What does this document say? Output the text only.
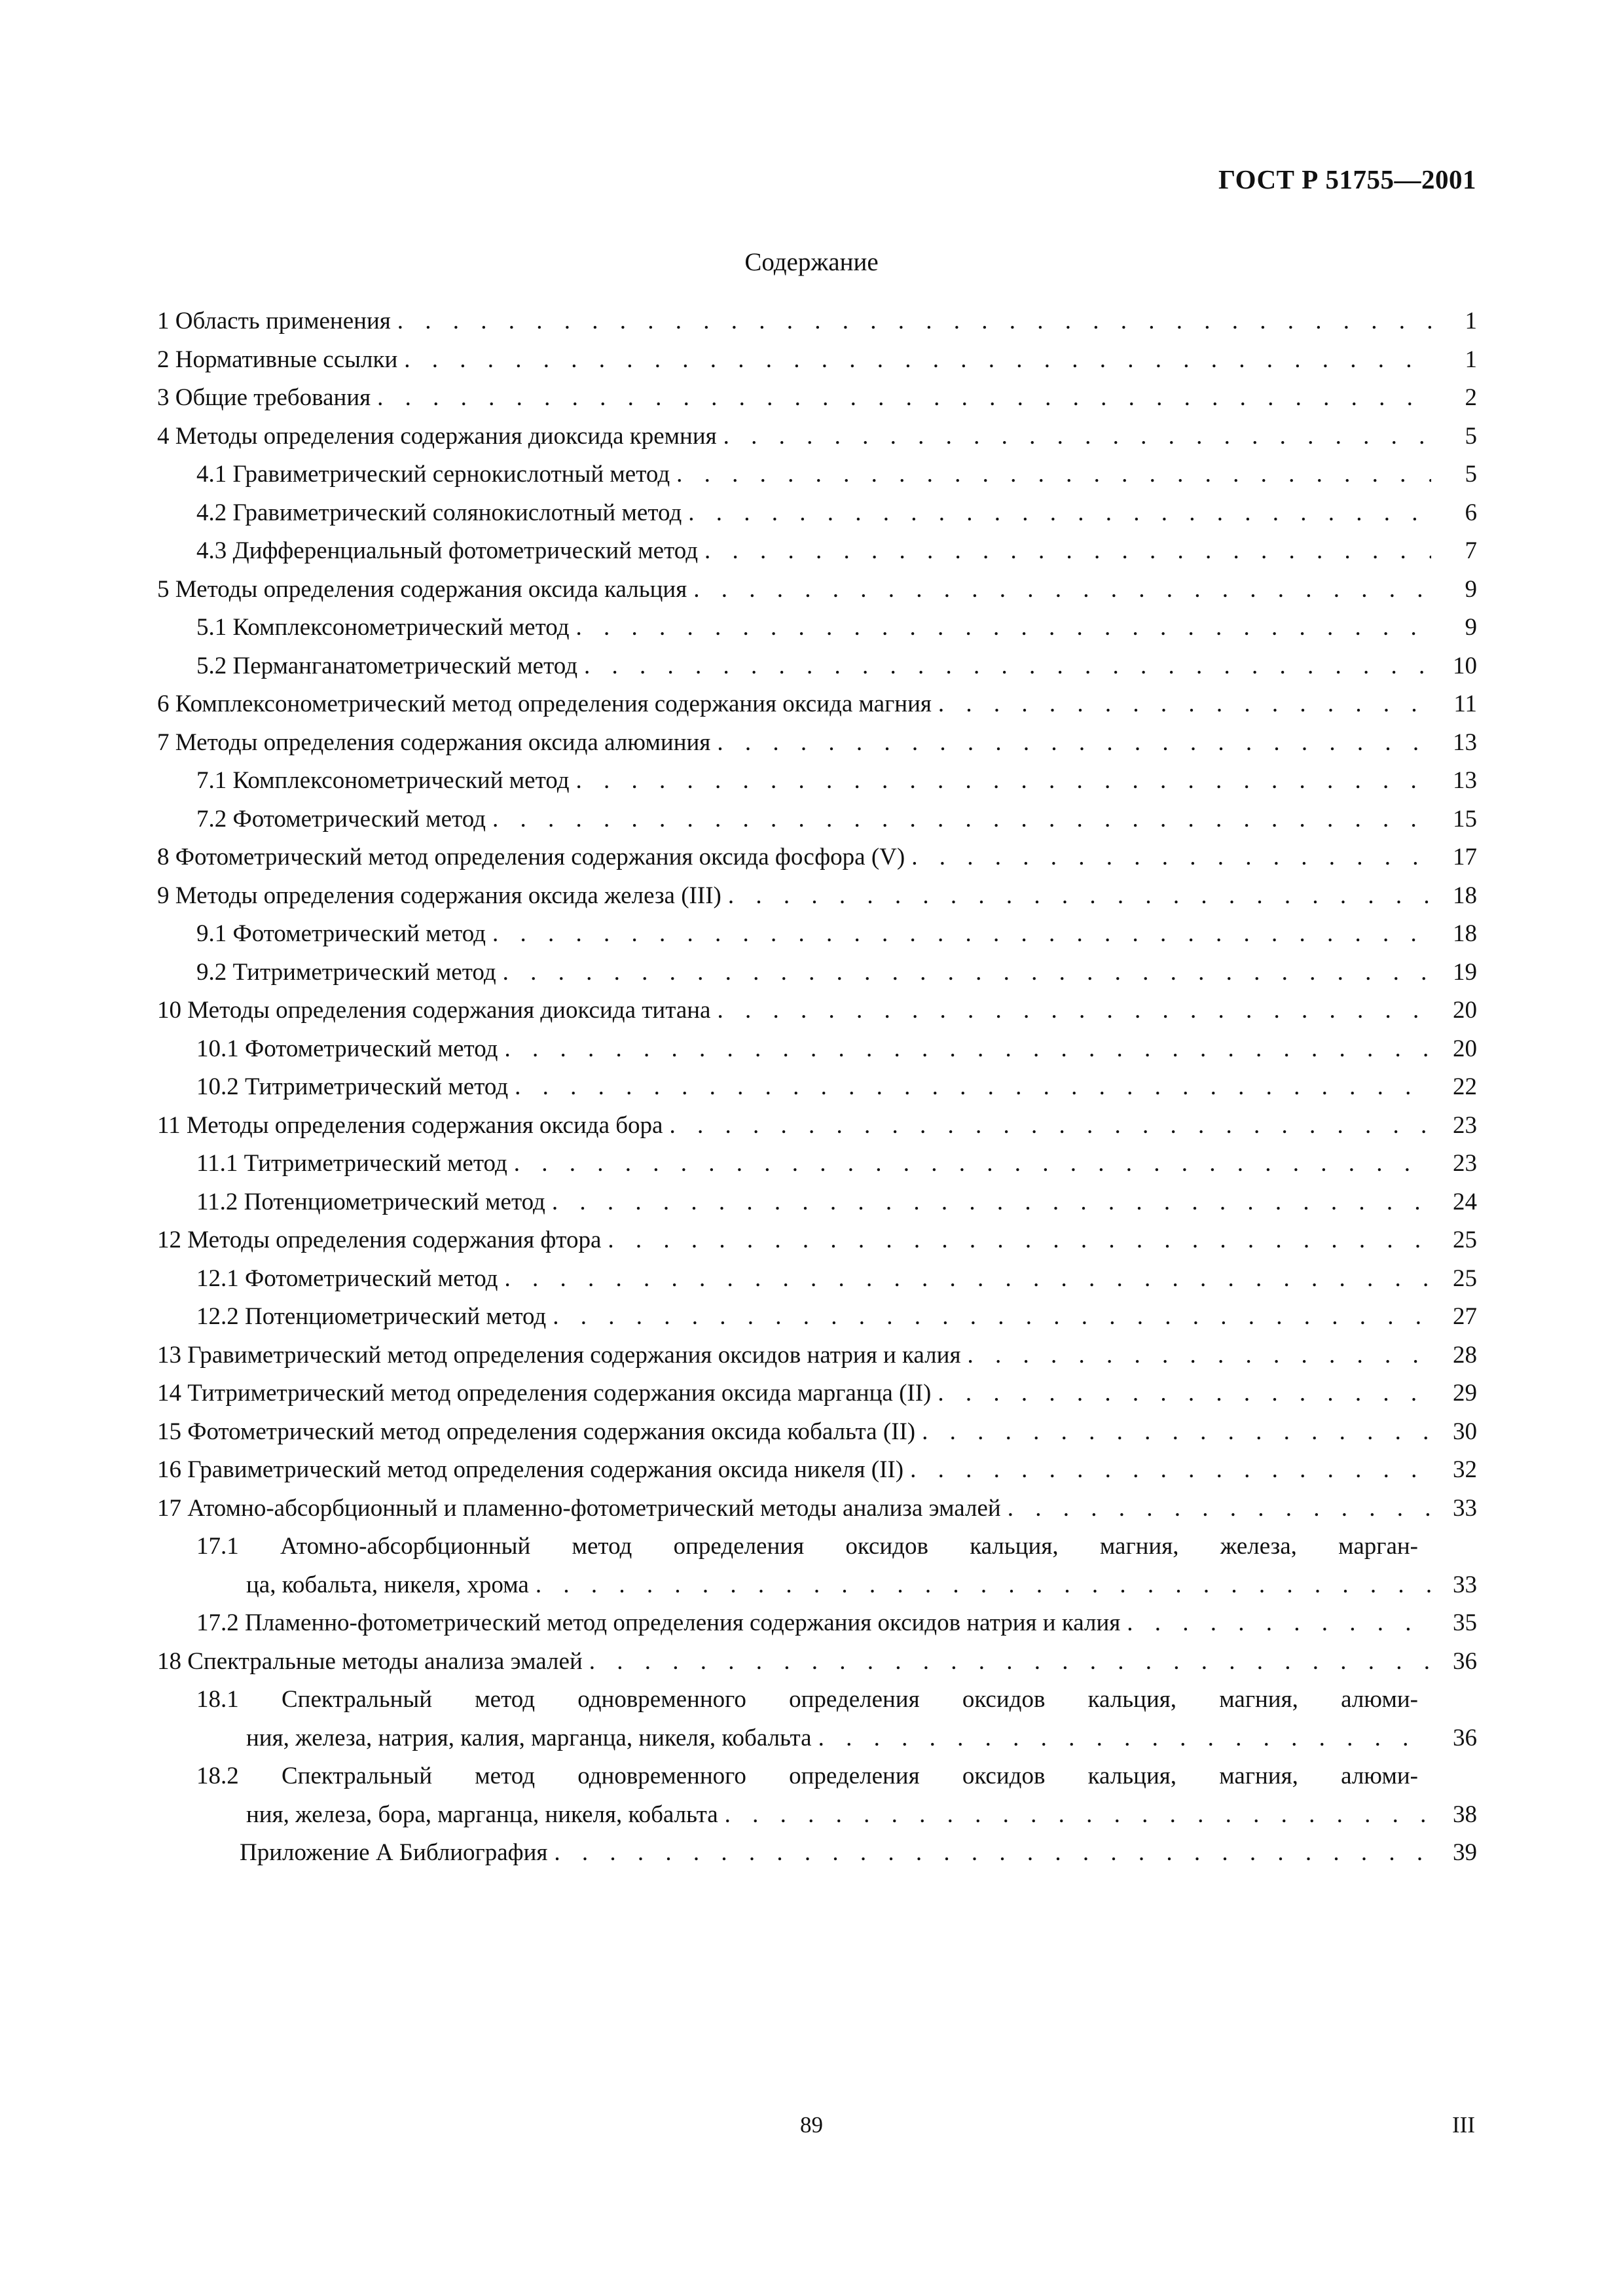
ГОСТ Р 51755—2001
Содержание
1 Область применения . . .	1
2 Нормативные ссылки . . .	1
3 Общие требования . . .	2
4 Методы определения содержания диоксида кремния . . .	5
4.1 Гравиметрический сернокислотный метод . . .	5
4.2 Гравиметрический солянокислотный метод . . .	6
4.3 Дифференциальный фотометрический метод . . .	7
5 Методы определения содержания оксида кальция . . .	9
5.1 Комплексонометрический метод . . .	9
5.2 Перманганатометрический метод . . .	10
6 Комплексонометрический метод определения содержания оксида магния . . .	11
7 Методы определения содержания оксида алюминия . . .	13
7.1 Комплексонометрический метод . . .	13
7.2 Фотометрический метод . . .	15
8 Фотометрический метод определения содержания оксида фосфора (V) . . .	17
9 Методы определения содержания оксида железа (III) . . .	18
9.1 Фотометрический метод . . .	18
9.2 Титриметрический метод . . .	19
10 Методы определения содержания диоксида титана . . .	20
10.1 Фотометрический метод . . .	20
10.2 Титриметрический метод . . .	22
11 Методы определения содержания оксида бора . . .	23
11.1 Титриметрический метод . . .	23
11.2 Потенциометрический метод . . .	24
12 Методы определения содержания фтора . . .	25
12.1 Фотометрический метод . . .	25
12.2 Потенциометрический метод . . .	27
13 Гравиметрический метод определения содержания оксидов натрия и калия . . .	28
14 Титриметрический метод определения содержания оксида марганца (II) . . .	29
15 Фотометрический метод определения содержания оксида кобальта (II) . . .	30
16 Гравиметрический метод определения содержания оксида никеля (II) . . .	32
17 Атомно-абсорбционный и пламенно-фотометрический методы анализа эмалей . . .	33
17.1 Атомно-абсорбционный метод определения оксидов кальция, магния, железа, марган-
ца, кобальта, никеля, хрома . . .	33
17.2 Пламенно-фотометрический метод определения содержания оксидов натрия и калия . . .	35
18 Спектральные методы анализа эмалей . . .	36
18.1 Спектральный метод одновременного определения оксидов кальция, магния, алюми-
ния, железа, натрия, калия, марганца, никеля, кобальта . . .	36
18.2 Спектральный метод одновременного определения оксидов кальция, магния, алюми-
ния, железа, бора, марганца, никеля, кобальта . . .	38
Приложение А Библиография . . .	39
89	III
